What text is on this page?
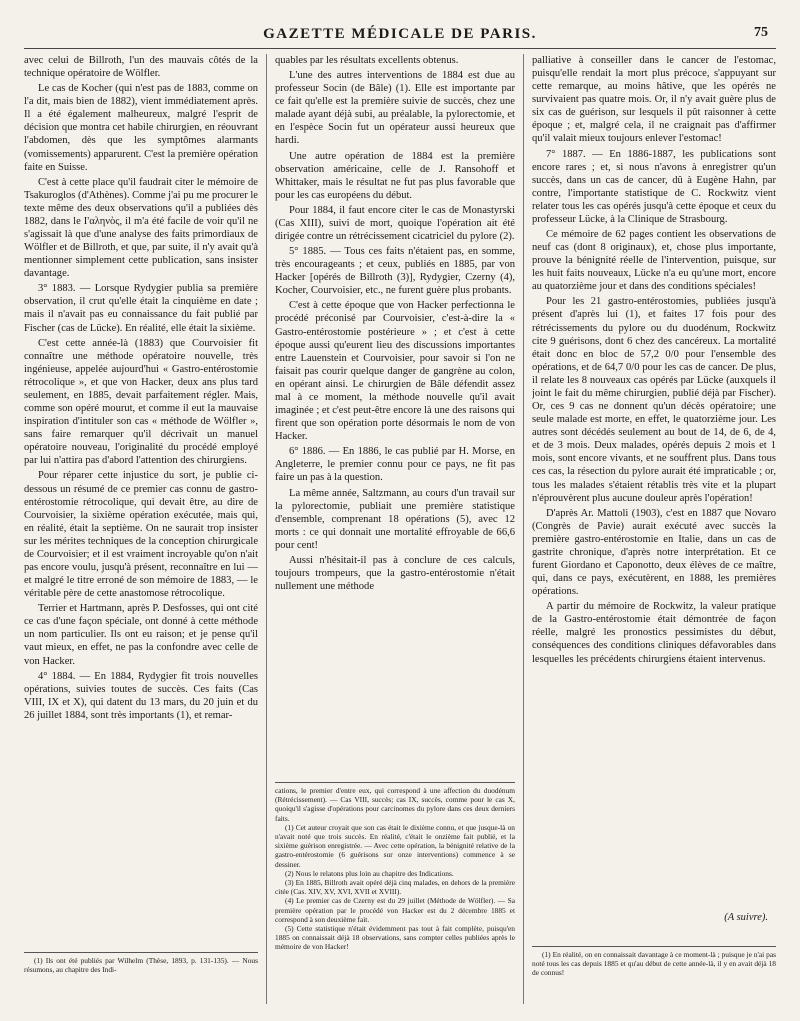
GAZETTE MÉDICALE DE PARIS.	75

avec celui de Billroth, l'un des mauvais côtés de la technique opératoire de Wölfler.

Le cas de Kocher (qui n'est pas de 1883, comme on l'a dit, mais bien de 1882), vient immédiatement après. Il a été également malheureux, malgré l'esprit de décision que montra cet habile chirurgien, en réouvrant l'abdomen, dès que les symptômes alarmants (vomissements) apparurent. C'est la première opération faite en Suisse.

C'est à cette place qu'il faudrait citer le mémoire de Tsakuroglos (d'Athènes). Comme j'ai pu me procurer le texte même des deux observations qu'il a publiées dès 1882, dans le Ι'αληνὸς, il m'a été facile de voir qu'il ne s'agissait là que d'une analyse des faits primordiaux de Wölfler et de Billroth, et que, par suite, il n'y avait qu'à mentionner simplement cette publication, sans insister davantage.

3° 1883. — Lorsque Rydygier publia sa première observation, il crut qu'elle était la cinquième en date ; mais il n'avait pas eu connaissance du fait publié par Fischer (cas de Lücke). En réalité, elle était la sixième.

C'est cette année-là (1883) que Courvoisier fit connaître une méthode opératoire nouvelle, très ingénieuse, appelée aujourd'hui « Gastro-entérostomie rétrocolique », et que von Hacker, deux ans plus tard seulement, en 1885, devait parfaitement régler. Mais, comme son opéré mourut, et comme il eut la mauvaise inspiration d'intituler son cas « méthode de Wölfler », sans faire remarquer qu'il décrivait un manuel opératoire nouveau, l'originalité du procédé employé par lui n'attira pas d'abord l'attention des chirurgiens.

Pour réparer cette injustice du sort, je publie ci-dessous un résumé de ce premier cas connu de gastro-entérostomie rétrocolique, qui devait être, au dire de Courvoisier, la sixième opération exécutée, mais qui, en réalité, était la septième. On ne saurait trop insister sur les mérites techniques de la conception chirurgicale de Courvoisier; et il est vraiment incroyable qu'on n'ait pas encore voulu, jusqu'à présent, reconnaître en lui — et malgré le titre erroné de son mémoire de 1883, — le véritable père de cette anastomose rétrocolique.

Terrier et Hartmann, après P. Desfosses, qui ont cité ce cas d'une façon spéciale, ont donné à cette méthode un nom particulier. Ils ont eu raison; et je pense qu'il vaut mieux, en effet, ne pas la confondre avec celle de von Hacker.

4° 1884. — En 1884, Rydygier fit trois nouvelles opérations, suivies toutes de succès. Ces faits (Cas VIII, IX et X), qui datent du 13 mars, du 20 juin et du 26 juillet 1884, sont très importants (1), et remar-

(1) Ils ont été publiés par Wilhelm (Thèse, 1893, p. 131-135). — Nous résumons, au chapitre des Indi-

quables par les résultats excellents obtenus.

L'une des autres interventions de 1884 est due au professeur Socin (de Bâle) (1). Elle est importante par ce fait qu'elle est la première suivie de succès, chez une malade ayant déjà subi, au préalable, la pylorectomie, et en l'espèce Socin fut un opérateur aussi heureux que hardi.

Une autre opération de 1884 est la première observation américaine, celle de J. Ransohoff et Whittaker, mais le résultat ne fut pas plus favorable que pour les cas européens du début.

Pour 1884, il faut encore citer le cas de Monastyrski (Cas XIII), suivi de mort, quoique l'opération ait été dirigée contre un rétrécissement cicatriciel du pylore (2).

5° 1885. — Tous ces faits n'étaient pas, en somme, très encourageants ; et ceux, publiés en 1885, par von Hacker [opérés de Billroth (3)], Rydygier, Czerny (4), Kocher, Courvoisier, etc., ne furent guère plus probants.

C'est à cette époque que von Hacker perfectionna le procédé préconisé par Courvoisier, c'est-à-dire la « Gastro-entérostomie postérieure » ; et c'est à cette époque aussi qu'eurent lieu des discussions importantes entre Lauenstein et Courvoisier, pour savoir si l'on ne faisait pas courir quelque danger de gangrène au colon, en opérant ainsi. Le chirurgien de Bâle défendit assez mal à ce moment, la méthode nouvelle qu'il avait imaginée ; et c'est peut-être encore là une des raisons qui firent que son opération porte désormais le nom de von Hacker.

6° 1886. — En 1886, le cas publié par H. Morse, en Angleterre, le premier connu pour ce pays, ne fit pas faire un pas à la question.

La même année, Saltzmann, au cours d'un travail sur la pylorectomie, publiait une première statistique d'ensemble, comprenant 18 opérations (5), avec 12 morts : ce qui donnait une mortalité effroyable de 66,6 pour cent!

Aussi n'hésitait-il pas à conclure de ces calculs, toujours trompeurs, que la gastro-entérostomie n'était nullement une méthode

cations, le premier d'entre eux, qui correspond à une affection du duodénum (Rétrécissement). — Cas VIII, succès; cas IX, succès, comme pour le cas X, quoiqu'il s'agisse d'opérations pour carcinomes du pylore dans ces deux derniers faits.

(1) Cet auteur croyait que son cas était le dixième connu, et que jusque-là on n'avait noté que trois succès. En réalité, c'était le onzième fait publié, et la sixième guérison enregistrée. — Avec cette opération, la bénignité relative de la gastro-entérostomie (6 guérisons sur onze interventions) commence à se dessiner.

(2) Nous le relatons plus loin au chapitre des Indications.

(3) En 1885, Billroth avait opéré déjà cinq malades, en dehors de la première citée (Cas. XIV, XV, XVI, XVII et XVIII).

(4) Le premier cas de Czerny est du 29 juillet (Méthode de Wölfler). — Sa première opération par le procédé von Hacker est du 2 décembre 1885 et correspond à son deuxième fait.

(5) Cette statistique n'était évidemment pas tout à fait complète, puisqu'en 1885 on connaissait déjà 18 observations, sans compter celles publiées après le mémoire de von Hacker!

palliative à conseiller dans le cancer de l'estomac, puisqu'elle rendait la mort plus précoce, s'appuyant sur cette remarque, au moins hâtive, que les opérés ne survivaient pas quatre mois. Or, il n'y avait guère plus de six cas de guérison, sur lesquels il pût raisonner à cette époque ; et, malgré cela, il ne craignait pas d'affirmer qu'il valait mieux toujours enlever l'estomac!

7° 1887. — En 1886-1887, les publications sont encore rares ; et, si nous n'avons à enregistrer qu'un succès, dans un cas de cancer, dû à Eugène Hahn, par contre, l'importante statistique de C. Rockwitz vient relater tous les cas opérés jusqu'à cette époque et ceux du professeur Lücke, à la Clinique de Strasbourg.

Ce mémoire de 62 pages contient les observations de neuf cas (dont 8 originaux), et, chose plus importante, prouve la bénignité réelle de l'intervention, puisque, sur les huit faits nouveaux, Lücke n'a eu qu'une mort, encore au quatorzième jour et dans des conditions spéciales!

Pour les 21 gastro-entérostomies, publiées jusqu'à présent d'après lui (1), et faites 17 fois pour des rétrécissements du pylore ou du duodénum, Rockwitz cite 9 guérisons, dont 6 chez des cancéreux. La mortalité était donc en bloc de 57,2 0/0 pour l'ensemble des opérations, et de 64,7 0/0 pour les cas de cancer. De plus, il relate les 8 nouveaux cas opérés par Lücke (auxquels il joint le fait du même chirurgien, publié déjà par Fischer). Or, ces 9 cas ne donnent qu'un décès opératoire; une seule malade est morte, en effet, le quatorzième jour. Les autres sont décédés seulement au bout de 14, de 6, de 4, et de 3 mois. Deux malades, opérés depuis 2 mois et 1 mois, sont encore vivants, et ne souffrent plus. Dans tous ces cas, la résection du pylore aurait été impraticable ; or, tous les malades s'étaient rétablis très vite et la plupart n'éprouvèrent plus aucune douleur après l'opération!

D'après Ar. Mattoli (1903), c'est en 1887 que Novaro (Congrès de Pavie) aurait exécuté avec succès la première gastro-entérostomie en Italie, dans un cas de gastrite chronique, d'après notre interprétation. Et ce furent Giordano et Caponotto, deux élèves de ce maître, qui, dans ce pays, exécutèrent, en 1888, les premières opérations.

A partir du mémoire de Rockwitz, la valeur pratique de la Gastro-entérostomie était démontrée de façon réelle, malgré les pronostics pessimistes du début, conséquences des conditions cliniques défavorables dans lesquelles les précédents chirurgiens étaient intervenus.

(A suivre).

(1) En réalité, on en connaissait davantage à ce moment-là ; puisque je n'ai pas noté tous les cas depuis 1885 et qu'au début de cette année-là, il y en avait déjà 18 de connus!
